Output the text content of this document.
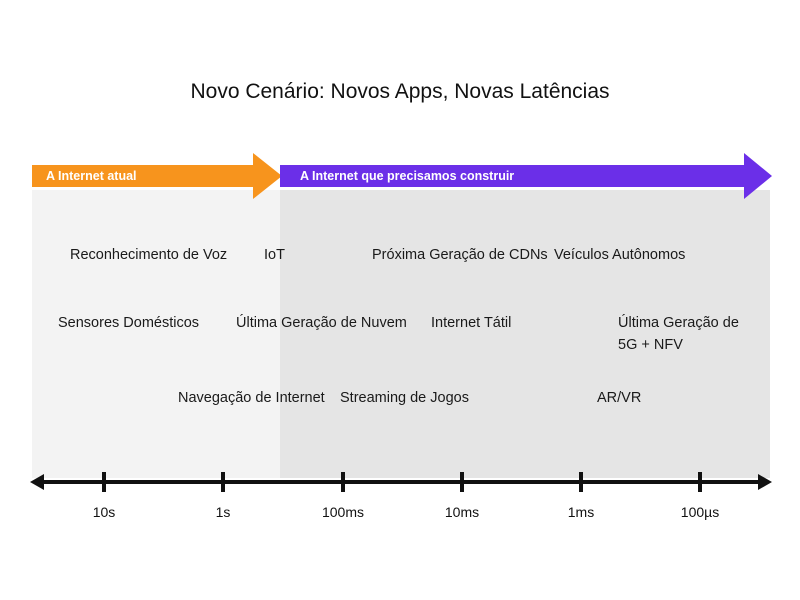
Novo Cenário: Novos Apps, Novas Latências
A Internet atual	A Internet que precisamos construir
Reconhecimento de Voz	IoT	Próxima Geração de CDNs Veículos Autônomos
Sensores Domésticos	Última Geração de Nuvem Internet Tátil	Última Geração de
5G + NFV
Navegação de Internet Streaming de Jogos	AR/VR
10s	1s	100ms	10ms	1ms	100µs
